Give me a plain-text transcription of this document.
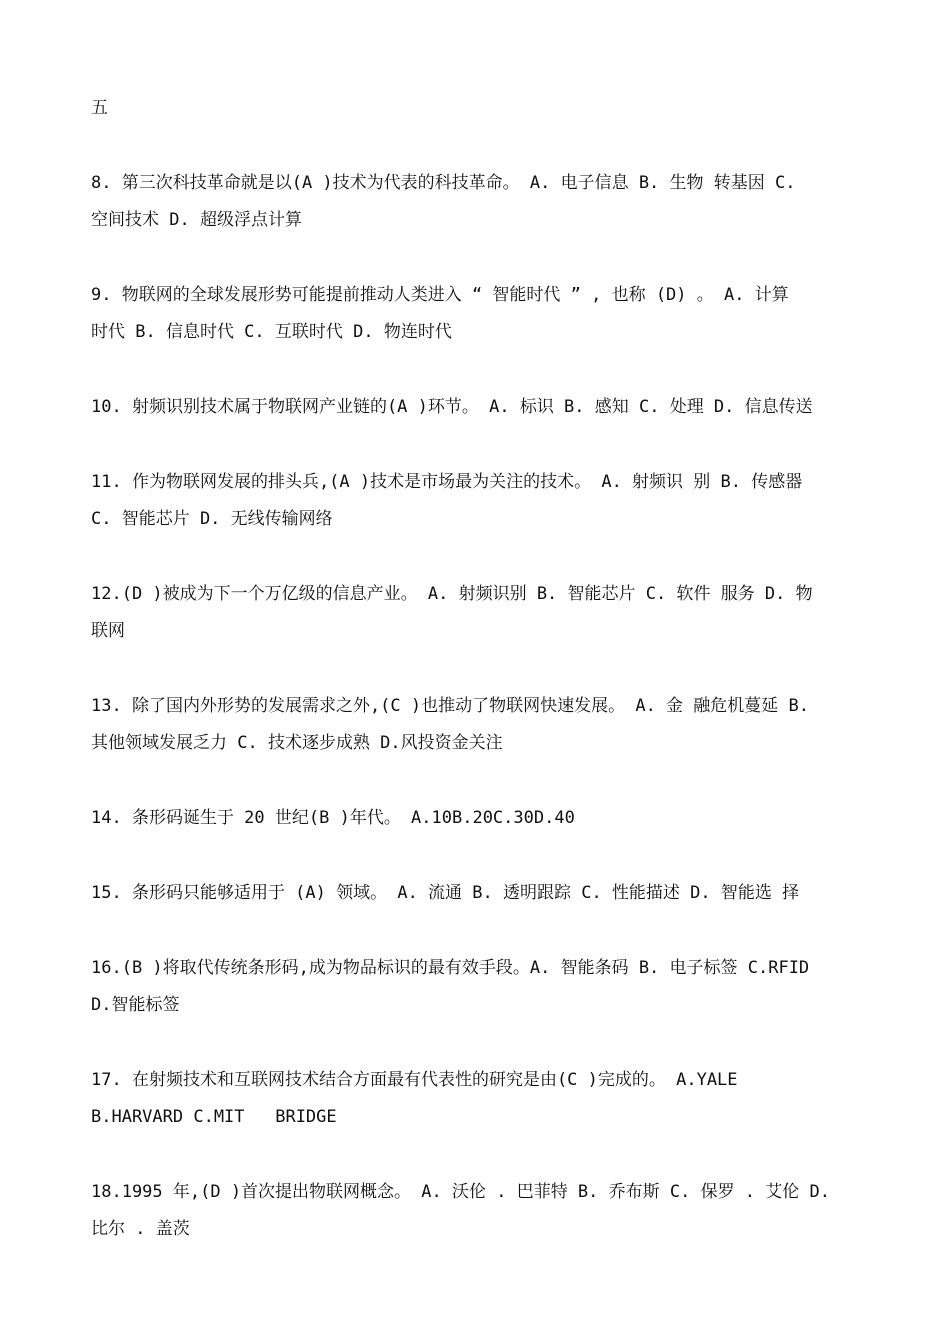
五
8. 第三次科技革命就是以(A )技术为代表的科技革命。 A. 电子信息 B. 生物 转基因 C.
空间技术 D. 超级浮点计算
9. 物联网的全球发展形势可能提前推动人类进入 “ 智能时代 ” , 也称 (D) 。 A. 计算
时代 B. 信息时代 C. 互联时代 D. 物连时代
10. 射频识别技术属于物联网产业链的(A )环节。 A. 标识 B. 感知 C. 处理 D. 信息传送
11. 作为物联网发展的排头兵,(A )技术是市场最为关注的技术。 A. 射频识 别 B. 传感器
C. 智能芯片 D. 无线传输网络
12.(D )被成为下一个万亿级的信息产业。 A. 射频识别 B. 智能芯片 C. 软件 服务 D. 物
联网
13. 除了国内外形势的发展需求之外,(C )也推动了物联网快速发展。 A. 金 融危机蔓延 B.
其他领域发展乏力 C. 技术逐步成熟 D.风投资金关注
14. 条形码诞生于 20 世纪(B )年代。 A.10B.20C.30D.40
15. 条形码只能够适用于 (A) 领域。 A. 流通 B. 透明跟踪 C. 性能描述 D. 智能选 择
16.(B )将取代传统条形码,成为物品标识的最有效手段。A. 智能条码 B. 电子标签 C.RFID
D.智能标签
17. 在射频技术和互联网技术结合方面最有代表性的研究是由(C )完成的。 A.YALE
B.HARVARD C.MIT   BRIDGE
18.1995 年,(D )首次提出物联网概念。 A. 沃伦 . 巴菲特 B. 乔布斯 C. 保罗 . 艾伦 D.
比尔 . 盖茨
